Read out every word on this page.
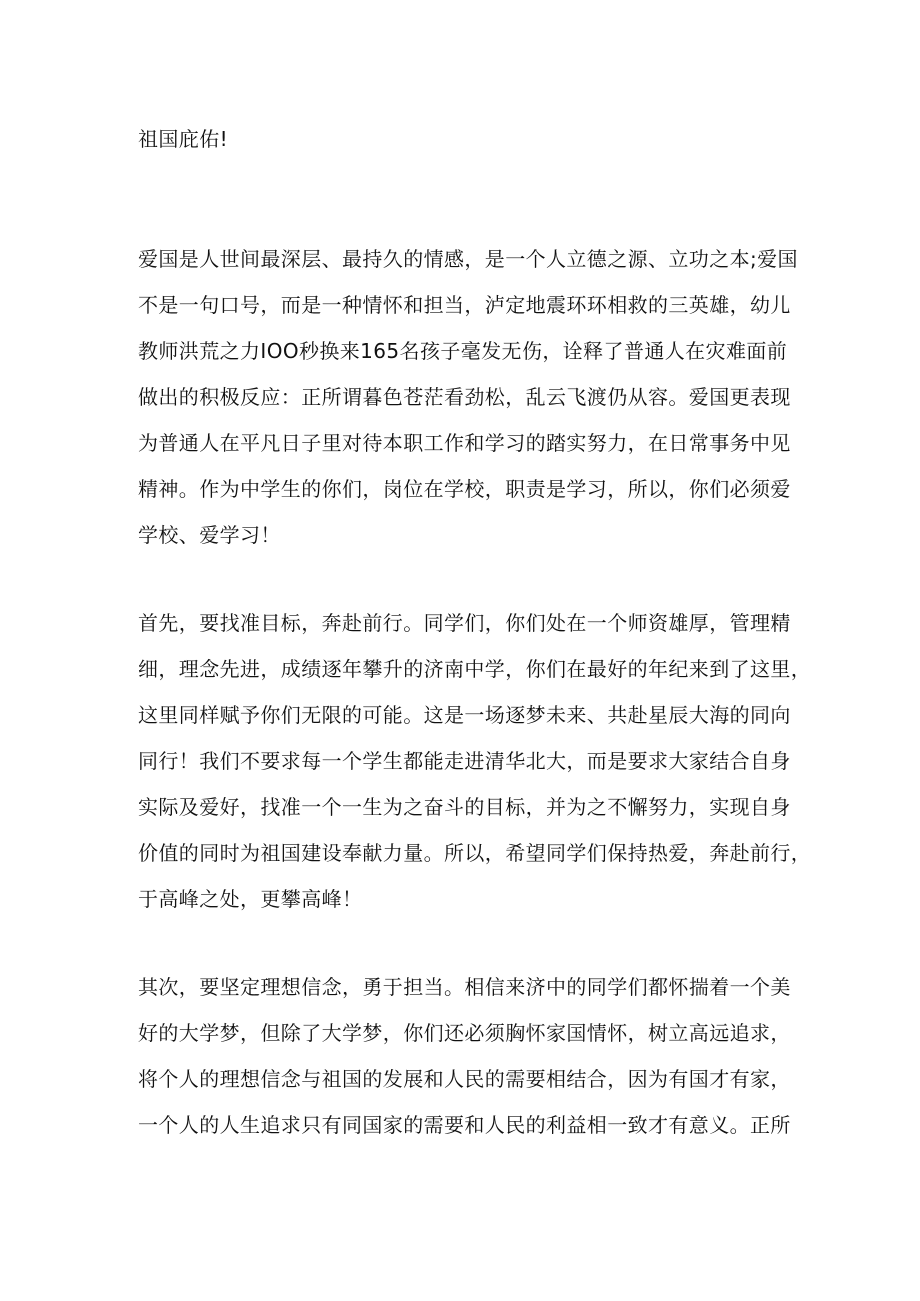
祖国庇佑!
爱国是人世间最深层、最持久的情感，是一个人立德之源、立功之本;爱国
不是一句口号，而是一种情怀和担当，泸定地震环环相救的三英雄，幼儿
教师洪荒之力IOO秒换来165名孩子毫发无伤，诠释了普通人在灾难面前
做出的积极反应：正所谓暮色苍茫看劲松，乱云飞渡仍从容。爱国更表现
为普通人在平凡日子里对待本职工作和学习的踏实努力，在日常事务中见
精神。作为中学生的你们，岗位在学校，职责是学习，所以，你们必须爱
学校、爱学习！
首先，要找准目标，奔赴前行。同学们，你们处在一个师资雄厚，管理精
细，理念先进，成绩逐年攀升的济南中学，你们在最好的年纪来到了这里，
这里同样赋予你们无限的可能。这是一场逐梦未来、共赴星辰大海的同向
同行！我们不要求每一个学生都能走进清华北大，而是要求大家结合自身
实际及爱好，找准一个一生为之奋斗的目标，并为之不懈努力，实现自身
价值的同时为祖国建设奉献力量。所以，希望同学们保持热爱，奔赴前行，
于高峰之处，更攀高峰！
其次，要坚定理想信念，勇于担当。相信来济中的同学们都怀揣着一个美
好的大学梦，但除了大学梦，你们还必须胸怀家国情怀，树立高远追求，
将个人的理想信念与祖国的发展和人民的需要相结合，因为有国才有家，
一个人的人生追求只有同国家的需要和人民的利益相一致才有意义。正所
